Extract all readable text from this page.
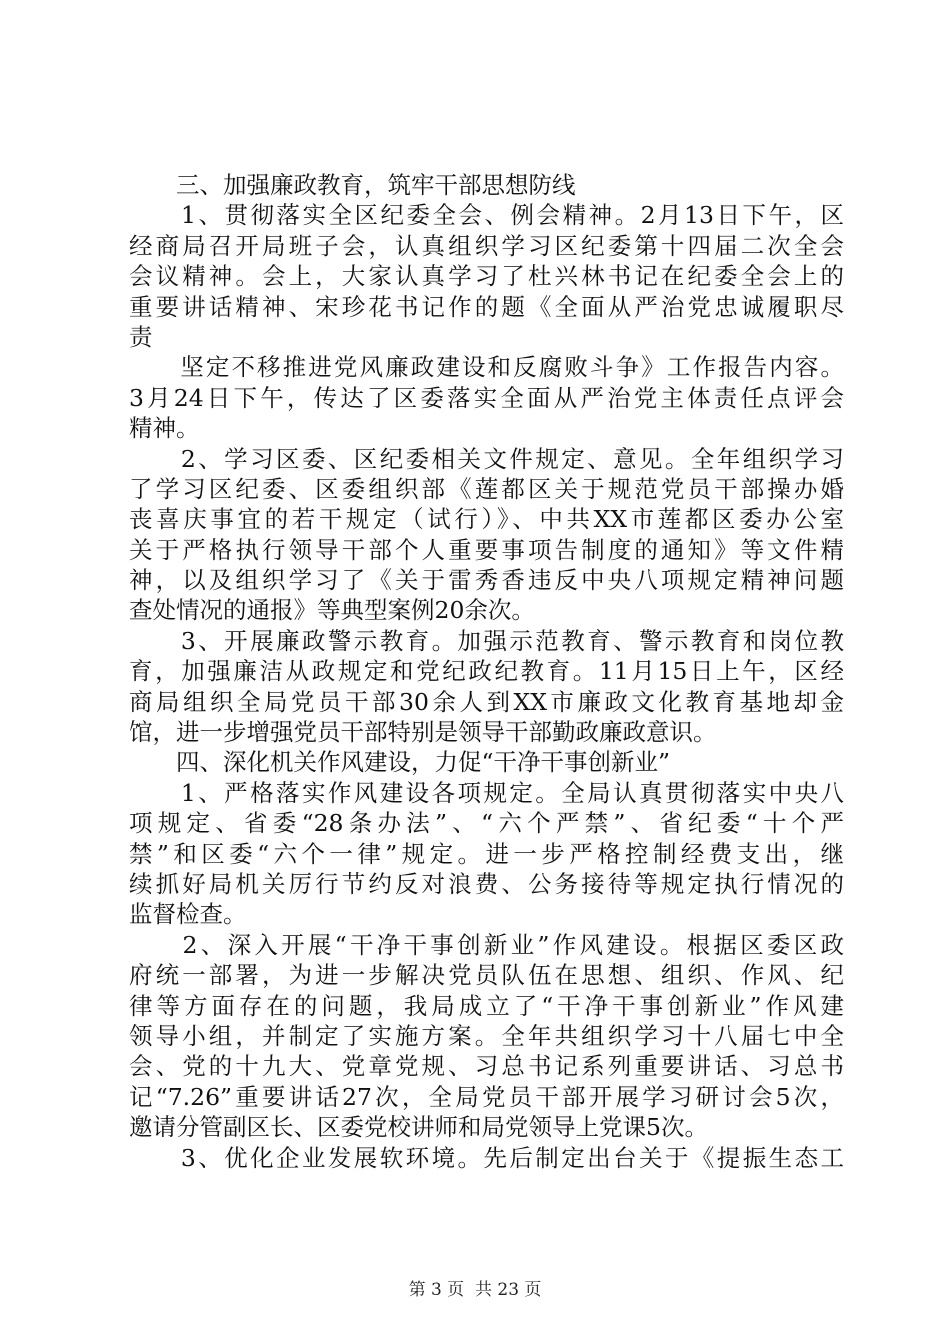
　　三、加强廉政教育，筑牢干部思想防线
　　1、贯彻落实全区纪委全会、例会精神。2月13日下午，区
经商局召开局班子会，认真组织学习区纪委第十四届二次全会
会议精神。会上，大家认真学习了杜兴林书记在纪委全会上的
重要讲话精神、宋珍花书记作的题《全面从严治党忠诚履职尽
责
　　坚定不移推进党风廉政建设和反腐败斗争》工作报告内容。
3月24日下午，传达了区委落实全面从严治党主体责任点评会
精神。
　　2、学习区委、区纪委相关文件规定、意见。全年组织学习
了学习区纪委、区委组织部《莲都区关于规范党员干部操办婚
丧喜庆事宜的若干规定（试行）》、中共XX市莲都区委办公室
关于严格执行领导干部个人重要事项告制度的通知》等文件精
神，以及组织学习了《关于雷秀香违反中央八项规定精神问题
查处情况的通报》等典型案例20余次。
　　3、开展廉政警示教育。加强示范教育、警示教育和岗位教
育，加强廉洁从政规定和党纪政纪教育。11月15日上午，区经
商局组织全局党员干部30余人到XX市廉政文化教育基地却金
馆，进一步增强党员干部特别是领导干部勤政廉政意识。
　　四、深化机关作风建设，力促“干净干事创新业”
　　1、严格落实作风建设各项规定。全局认真贯彻落实中央八
项规定、省委“28条办法”、“六个严禁”、省纪委“十个严
禁”和区委“六个一律”规定。进一步严格控制经费支出，继
续抓好局机关厉行节约反对浪费、公务接待等规定执行情况的
监督检查。
　　2、深入开展“干净干事创新业”作风建设。根据区委区政
府统一部署，为进一步解决党员队伍在思想、组织、作风、纪
律等方面存在的问题，我局成立了“干净干事创新业”作风建
领导小组，并制定了实施方案。全年共组织学习十八届七中全
会、党的十九大、党章党规、习总书记系列重要讲话、习总书
记“7.26”重要讲话27次，全局党员干部开展学习研讨会5次，
邀请分管副区长、区委党校讲师和局党领导上党课5次。
　　3、优化企业发展软环境。先后制定出台关于《提振生态工
第 3 页  共 23 页
